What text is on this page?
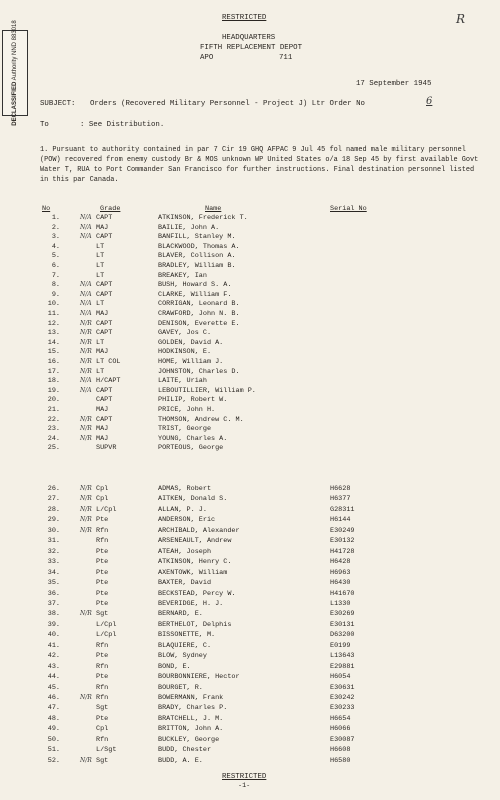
DECLASSIFIED Authority NND 883018
R
RESTRICTED
HEADQUARTERS
FIFTH REPLACEMENT DEPOT
APO	711
17 September 1945
SUBJECT: Orders (Recovered Military Personnel - Project J) Ltr Order No	6
To	: See Distribution.
1. Pursuant to authority contained in par 7 Cir 19 GHQ AFPAC 9 Jul 45 fol named male military personnel (POW) recovered from enemy custody Br & MOS unknown WP United States o/a 18 Sep 45 by first available Govt Water T, RUA to Port Commander San Francisco for further instructions. Final destination personnel listed in this par Canada.
No	Grade	Name	Serial No
N/A
1.	CAPT	ATKINSON, Frederick T.
N/A
2.	MAJ	BAILIE, John A.
N/A
3.	CAPT	BANFILL, Stanley M.
4.	LT	BLACKWOOD, Thomas A.
5.	LT	BLAVER, Collison A.
6.	LT	BRADLEY, William B.
7.	LT	BREAKEY, Ian
N/A
8.	CAPT	BUSH, Howard S. A.
N/A
9.	CAPT	CLARKE, William F.
N/A
10.	LT	CORRIGAN, Leonard B.
N/A
11.	MAJ	CRAWFORD, John N. B.
N/R
12.	CAPT	DENISON, Everette E.
N/R
13.	CAPT	GAVEY, Jos C.
N/R
14.	LT	GOLDEN, David A.
N/R
15.	MAJ	HODKINSON, E.
N/R
16.	LT COL	HOME, William J.
N/R
17.	LT	JOHNSTON, Charles D.
N/A
18.	H/CAPT	LAITE, Uriah
N/A
19.	CAPT	LEBOUTILLIER, William P.
20.	CAPT	PHILIP, Robert W.
21.	MAJ	PRICE, John H.
N/R
22.	CAPT	THOMSON, Andrew C. M.
N/R
23.	MAJ	TRIST, George
N/R
24.	MAJ	YOUNG, Charles A.
25.	SUPVR	PORTEOUS, George
N/R
26.	Cpl	ADMAS, Robert	H6628
N/R
27.	Cpl	AITKEN, Donald S.	H6377
N/R
28.	L/Cpl	ALLAN, P. J.	G28311
N/R
29.	Pte	ANDERSON, Eric	H6144
N/R
30.	Rfn	ARCHIBALD, Alexander	E30249
31.	Rfn	ARSENEAULT, Andrew	E30132
32.	Pte	ATEAH, Joseph	H41728
33.	Pte	ATKINSON, Henry C.	H6428
34.	Pte	AXENTOWK, William	H6963
35.	Pte	BAXTER, David	H6430
36.	Pte	BECKSTEAD, Percy W.	H41670
37.	Pte	BEVERIDGE, H. J.	L1330
N/R
38.	Sgt	BERNARD, E.	E30269
39.	L/Cpl	BERTHELOT, Delphis	E30131
40.	L/Cpl	BISSONETTE, M.	D63200
41.	Rfn	BLAQUIERE, C.	E0199
42.	Pte	BLOW, Sydney	L13643
43.	Rfn	BOND, E.	E29881
44.	Pte	BOURBONNIERE, Hector	H6054
45.	Rfn	BOURGET, R.	E30631
N/R
46.	Rfn	BOWERMANN, Frank	E30242
47.	Sgt	BRADY, Charles P.	E30233
48.	Pte	BRATCHELL, J. M.	H6654
49.	Cpl	BRITTON, John A.	H6066
50.	Rfn	BUCKLEY, George	E30087
51.	L/Sgt	BUDD, Chester	H6608
N/R
52.	Sgt	BUDD, A. E.	H6580
RESTRICTED
-1-
